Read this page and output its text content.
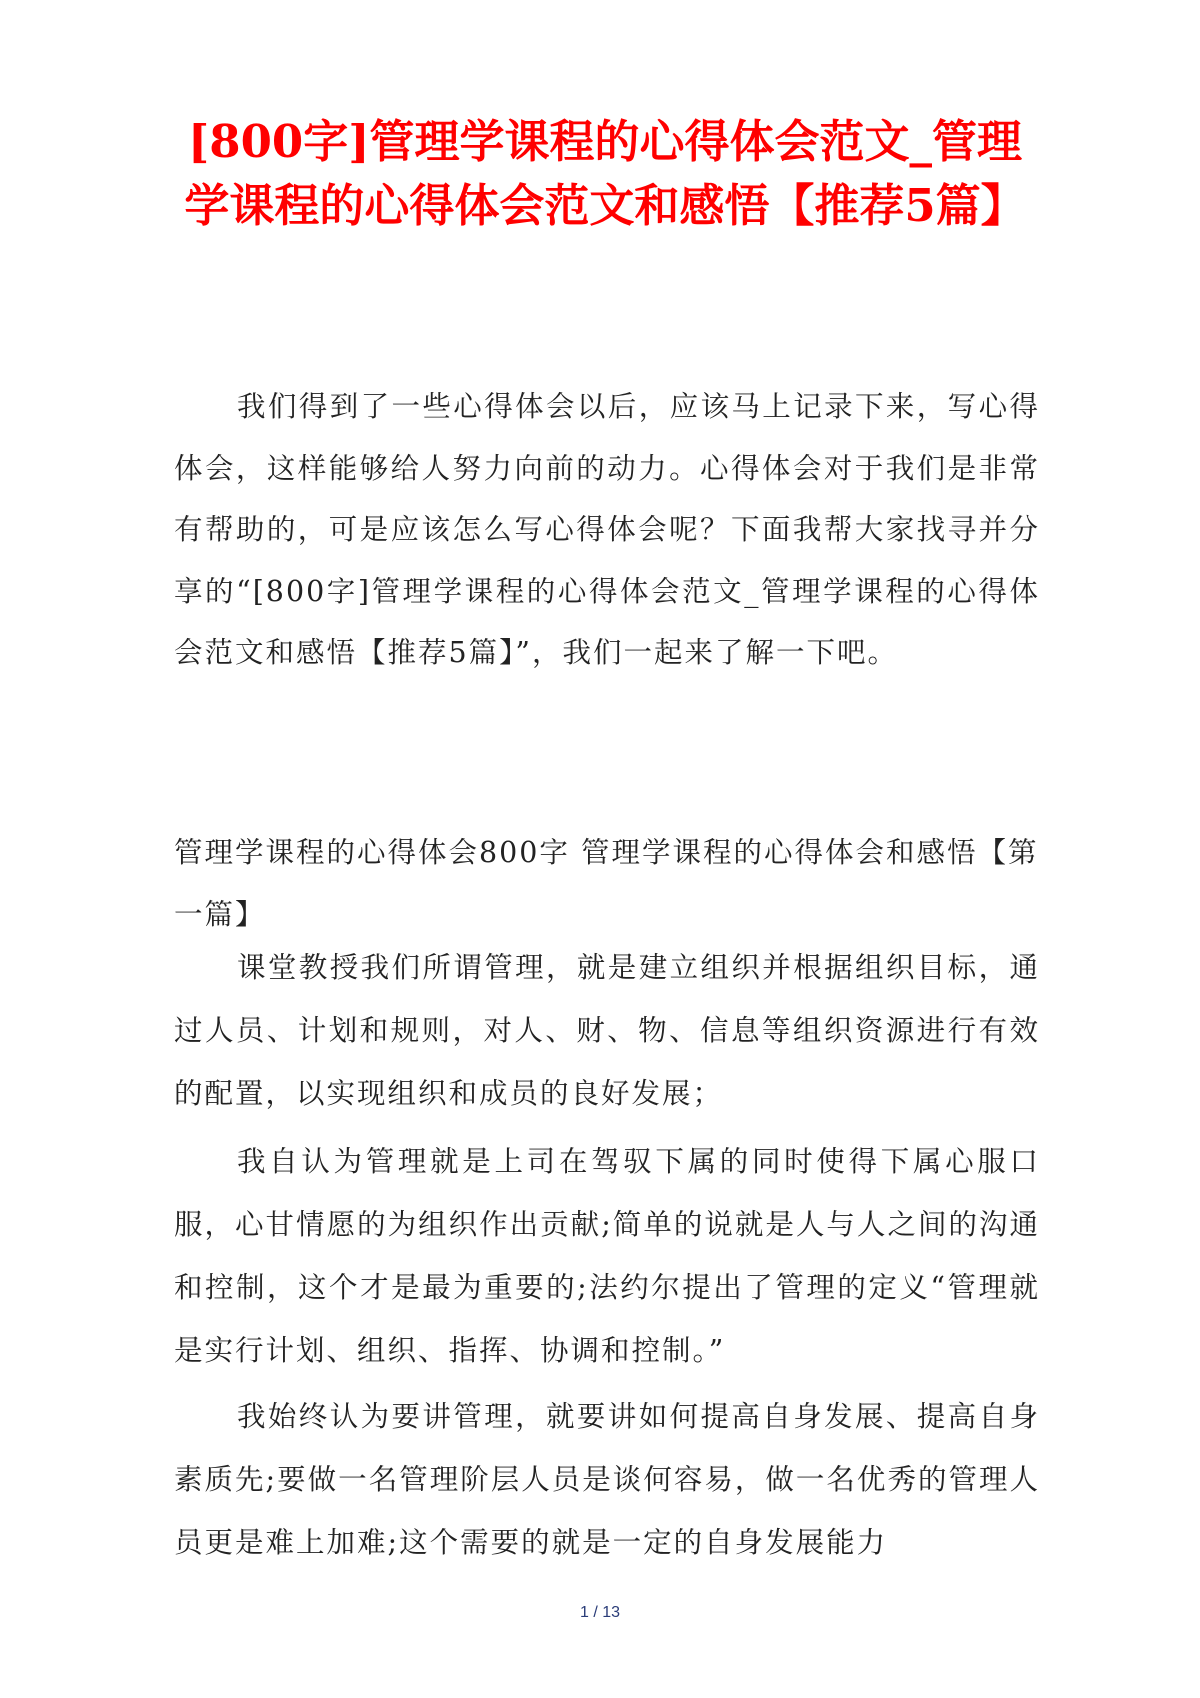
[800字]管理学课程的心得体会范文_管理学课程的心得体会范文和感悟【推荐5篇】

我们得到了一些心得体会以后，应该马上记录下来，写心得体会，这样能够给人努力向前的动力。心得体会对于我们是非常有帮助的，可是应该怎么写心得体会呢？下面我帮大家找寻并分享的“[800字]管理学课程的心得体会范文_管理学课程的心得体会范文和感悟【推荐5篇】”，我们一起来了解一下吧。

管理学课程的心得体会800字 管理学课程的心得体会和感悟【第一篇】

课堂教授我们所谓管理，就是建立组织并根据组织目标，通过人员、计划和规则，对人、财、物、信息等组织资源进行有效的配置，以实现组织和成员的良好发展；

我自认为管理就是上司在驾驭下属的同时使得下属心服口服，心甘情愿的为组织作出贡献;简单的说就是人与人之间的沟通和控制，这个才是最为重要的;法约尔提出了管理的定义“管理就是实行计划、组织、指挥、协调和控制。”

我始终认为要讲管理，就要讲如何提高自身发展、提高自身素质先;要做一名管理阶层人员是谈何容易，做一名优秀的管理人员更是难上加难;这个需要的就是一定的自身发展能力

1 / 13
